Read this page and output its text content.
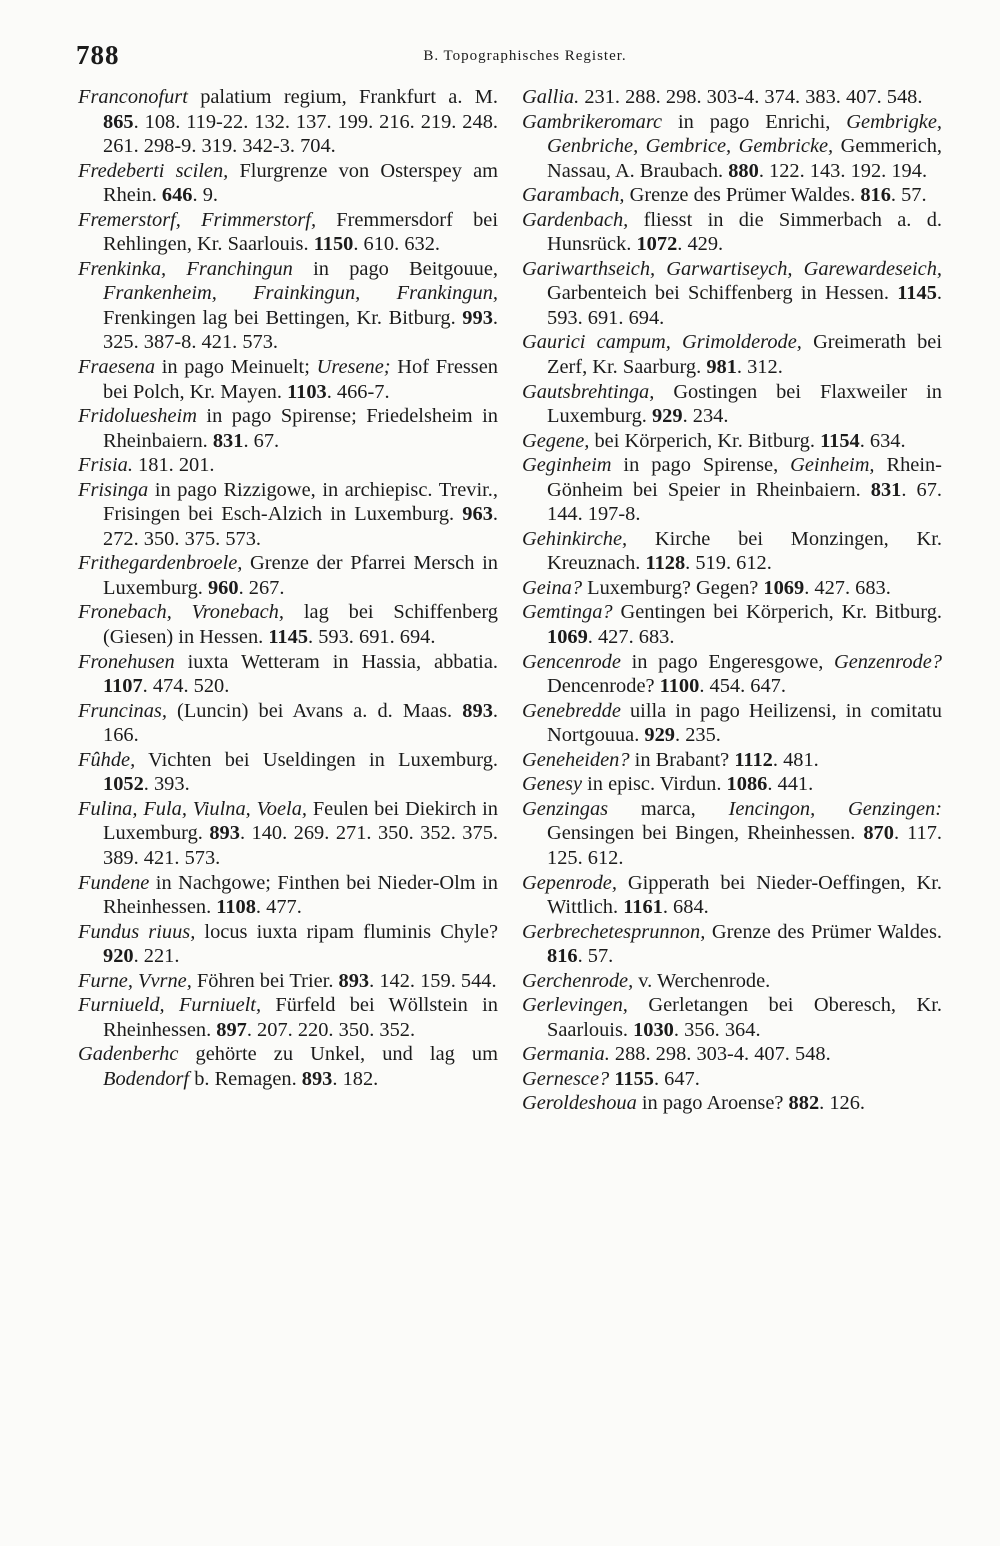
788	B. Topographisches Register.

Franconofurt palatium regium, Frankfurt a. M. 865. 108. 119-22. 132. 137. 199. 216. 219. 248. 261. 298-9. 319. 342-3. 704.

Fredeberti scilen, Flurgrenze von Osterspey am Rhein. 646. 9.

Fremerstorf, Frimmerstorf, Fremmersdorf bei Rehlingen, Kr. Saarlouis. 1150. 610. 632.

Frenkinka, Franchingun in pago Beitgouue, Frankenheim, Frainkingun, Frankingun, Frenkingen lag bei Bettingen, Kr. Bitburg. 993. 325. 387-8. 421. 573.

Fraesena in pago Meinuelt; Uresene; Hof Fressen bei Polch, Kr. Mayen. 1103. 466-7.

Fridoluesheim in pago Spirense; Friedelsheim in Rheinbaiern. 831. 67.

Frisia. 181. 201.

Frisinga in pago Rizzigowe, in archiepisc. Trevir., Frisingen bei Esch-Alzich in Luxemburg. 963. 272. 350. 375. 573.

Frithegardenbroele, Grenze der Pfarrei Mersch in Luxemburg. 960. 267.

Fronebach, Vronebach, lag bei Schiffenberg (Giesen) in Hessen. 1145. 593. 691. 694.

Fronehusen iuxta Wetteram in Hassia, abbatia. 1107. 474. 520.

Fruncinas, (Luncin) bei Avans a. d. Maas. 893. 166.

Fûhde, Vichten bei Useldingen in Luxemburg. 1052. 393.

Fulina, Fula, Viulna, Voela, Feulen bei Diekirch in Luxemburg. 893. 140. 269. 271. 350. 352. 375. 389. 421. 573.

Fundene in Nachgowe; Finthen bei Nieder-Olm in Rheinhessen. 1108. 477.

Fundus riuus, locus iuxta ripam fluminis Chyle? 920. 221.

Furne, Vvrne, Föhren bei Trier. 893. 142. 159. 544.

Furniueld, Furniuelt, Fürfeld bei Wöllstein in Rheinhessen. 897. 207. 220. 350. 352.

Gadenberhc gehörte zu Unkel, und lag um Bodendorf b. Remagen. 893. 182.

Gallia. 231. 288. 298. 303-4. 374. 383. 407. 548.

Gambrikeromarc in pago Enrichi, Gembrigke, Genbriche, Gembrice, Gembricke, Gemmerich, Nassau, A. Braubach. 880. 122. 143. 192. 194.

Garambach, Grenze des Prümer Waldes. 816. 57.

Gardenbach, fliesst in die Simmerbach a. d. Hunsrück. 1072. 429.

Gariwarthseich, Garwartiseych, Garewardeseich, Garbenteich bei Schiffenberg in Hessen. 1145. 593. 691. 694.

Gaurici campum, Grimolderode, Greimerath bei Zerf, Kr. Saarburg. 981. 312.

Gautsbrehtinga, Gostingen bei Flaxweiler in Luxemburg. 929. 234.

Gegene, bei Körperich, Kr. Bitburg. 1154. 634.

Geginheim in pago Spirense, Geinheim, Rhein-Gönheim bei Speier in Rheinbaiern. 831. 67. 144. 197-8.

Gehinkirche, Kirche bei Monzingen, Kr. Kreuznach. 1128. 519. 612.

Geina? Luxemburg? Gegen? 1069. 427. 683.

Gemtinga? Gentingen bei Körperich, Kr. Bitburg. 1069. 427. 683.

Gencenrode in pago Engeresgowe, Genzenrode? Dencenrode? 1100. 454. 647.

Genebredde uilla in pago Heilizensi, in comitatu Nortgouua. 929. 235.

Geneheiden? in Brabant? 1112. 481.

Genesy in episc. Virdun. 1086. 441.

Genzingas marca, Iencingon, Genzingen: Gensingen bei Bingen, Rheinhessen. 870. 117. 125. 612.

Gepenrode, Gipperath bei Nieder-Oeffingen, Kr. Wittlich. 1161. 684.

Gerbrechetesprunnon, Grenze des Prümer Waldes. 816. 57.

Gerchenrode, v. Werchenrode.

Gerlevingen, Gerletangen bei Oberesch, Kr. Saarlouis. 1030. 356. 364.

Germania. 288. 298. 303-4. 407. 548.

Gernesce? 1155. 647.

Geroldeshoua in pago Aroense? 882. 126.
